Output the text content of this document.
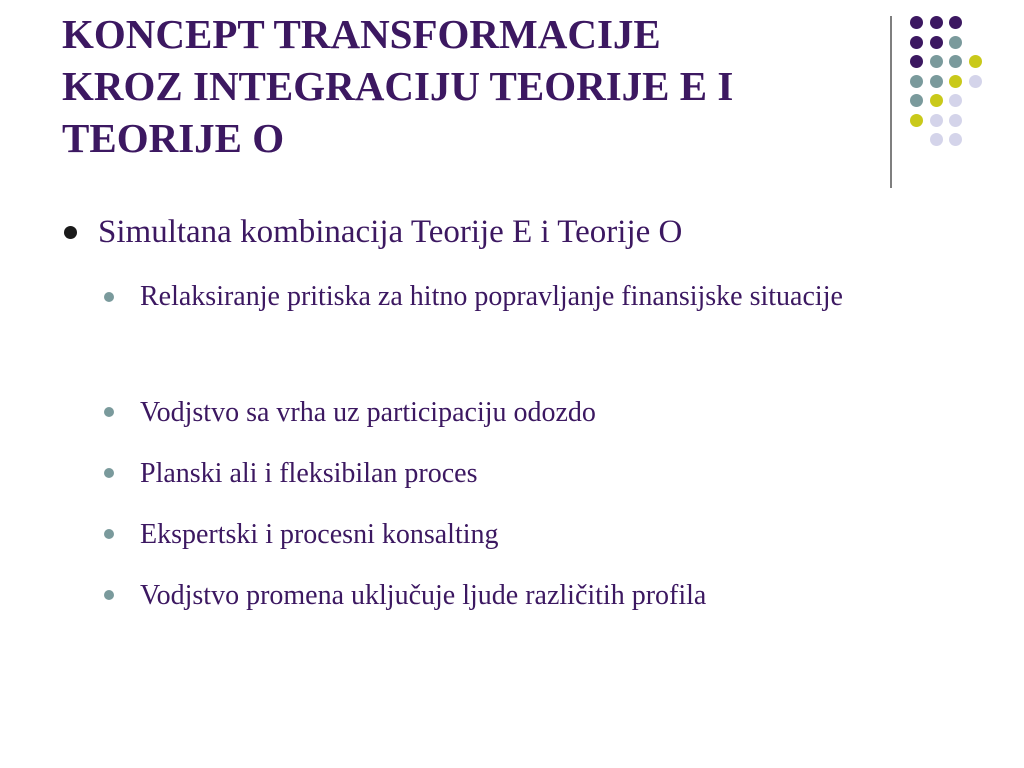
KONCEPT TRANSFORMACIJE
KROZ INTEGRACIJU TEORIJE E I
TEORIJE O
Simultana kombinacija Teorije E i Teorije O
Relaksiranje pritiska za hitno popravljanje finansijske situacije
Vodjstvo sa vrha uz participaciju odozdo
Planski ali i fleksibilan proces
Ekspertski i procesni konsalting
Vodjstvo promena uključuje ljude različitih profila
